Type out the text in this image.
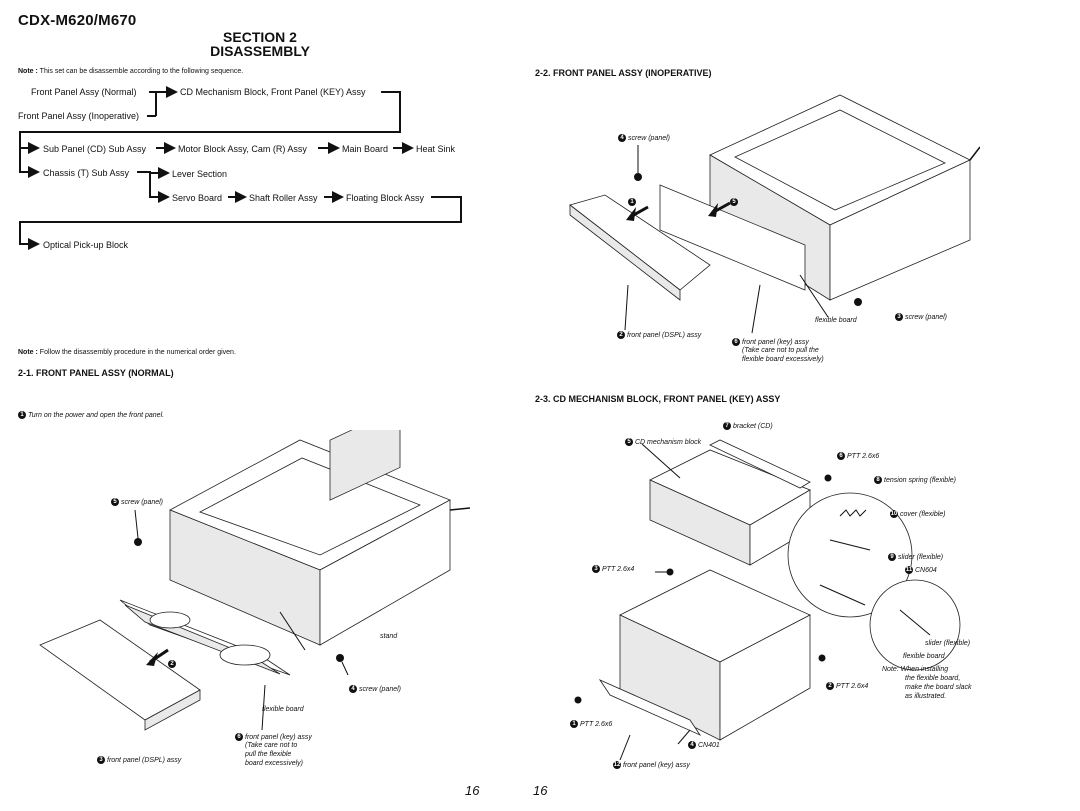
CDX-M620/M670
SECTION 2
DISASSEMBLY
Note : This set can be disassemble according to the following sequence.
Front Panel Assy (Normal)	CD Mechanism Block, Front Panel (KEY) Assy
Front Panel Assy (Inoperative)
Sub Panel (CD) Sub Assy	Motor Block Assy, Cam (R) Assy	Main Board	Heat Sink
Chassis (T) Sub Assy	Lever Section
Servo Board	Shaft Roller Assy	Floating Block Assy
Optical Pick-up Block
Note : Follow the disassembly procedure in the numerical order given.
2-1. FRONT PANEL ASSY (NORMAL)
1 Turn on the power and open the front panel.
5 screw (panel)
2
stand
4 screw (panel)
flexible board
6 front panel (key) assy
(Take care not to
pull the flexible
board excessively)
3 front panel (DSPL) assy
16
2-2. FRONT PANEL ASSY (INOPERATIVE)
4 screw (panel)
1	5
flexible board	3 screw (panel)
2 front panel (DSPL) assy
6 front panel (key) assy
(Take care not to pull the
flexible board excessively)
2-3. CD MECHANISM BLOCK, FRONT PANEL (KEY) ASSY
7 bracket (CD)
5 CD mechanism block
6 PTT 2.6x6
8 tension spring (flexible)
10 cover (flexible)
3 PTT 2.6x4
9 slider (flexible)
11 CN604
slider (flexible)
flexible board
Note: When installing
the flexible board,
make the board slack
as illustrated.
2 PTT 2.6x4
1 PTT 2.6x6
4 CN401
12 front panel (key) assy
16
